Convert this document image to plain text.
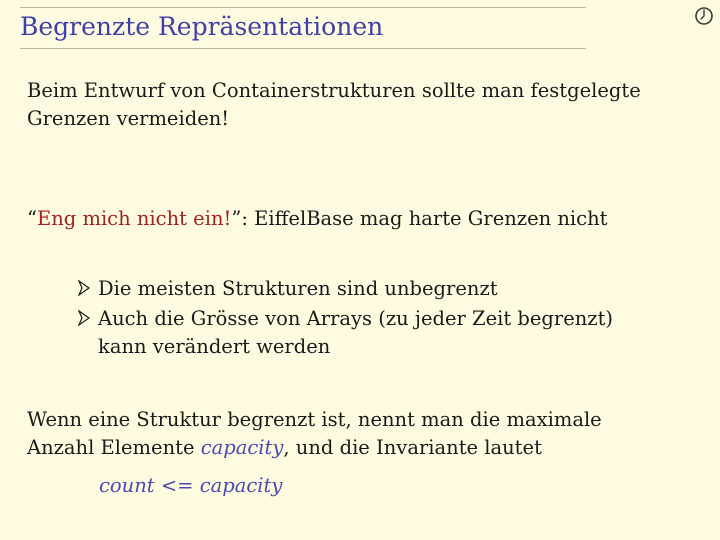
Begrenzte Repräsentationen
Beim Entwurf von Containerstrukturen sollte man festgelegte
Grenzen vermeiden!
“Eng mich nicht ein!”: EiffelBase mag harte Grenzen nicht
Die meisten Strukturen sind unbegrenzt
Auch die Grösse von Arrays (zu jeder Zeit begrenzt)
kann verändert werden
Wenn eine Struktur begrenzt ist, nennt man die maximale
Anzahl Elemente capacity, und die Invariante lautet
count <= capacity
